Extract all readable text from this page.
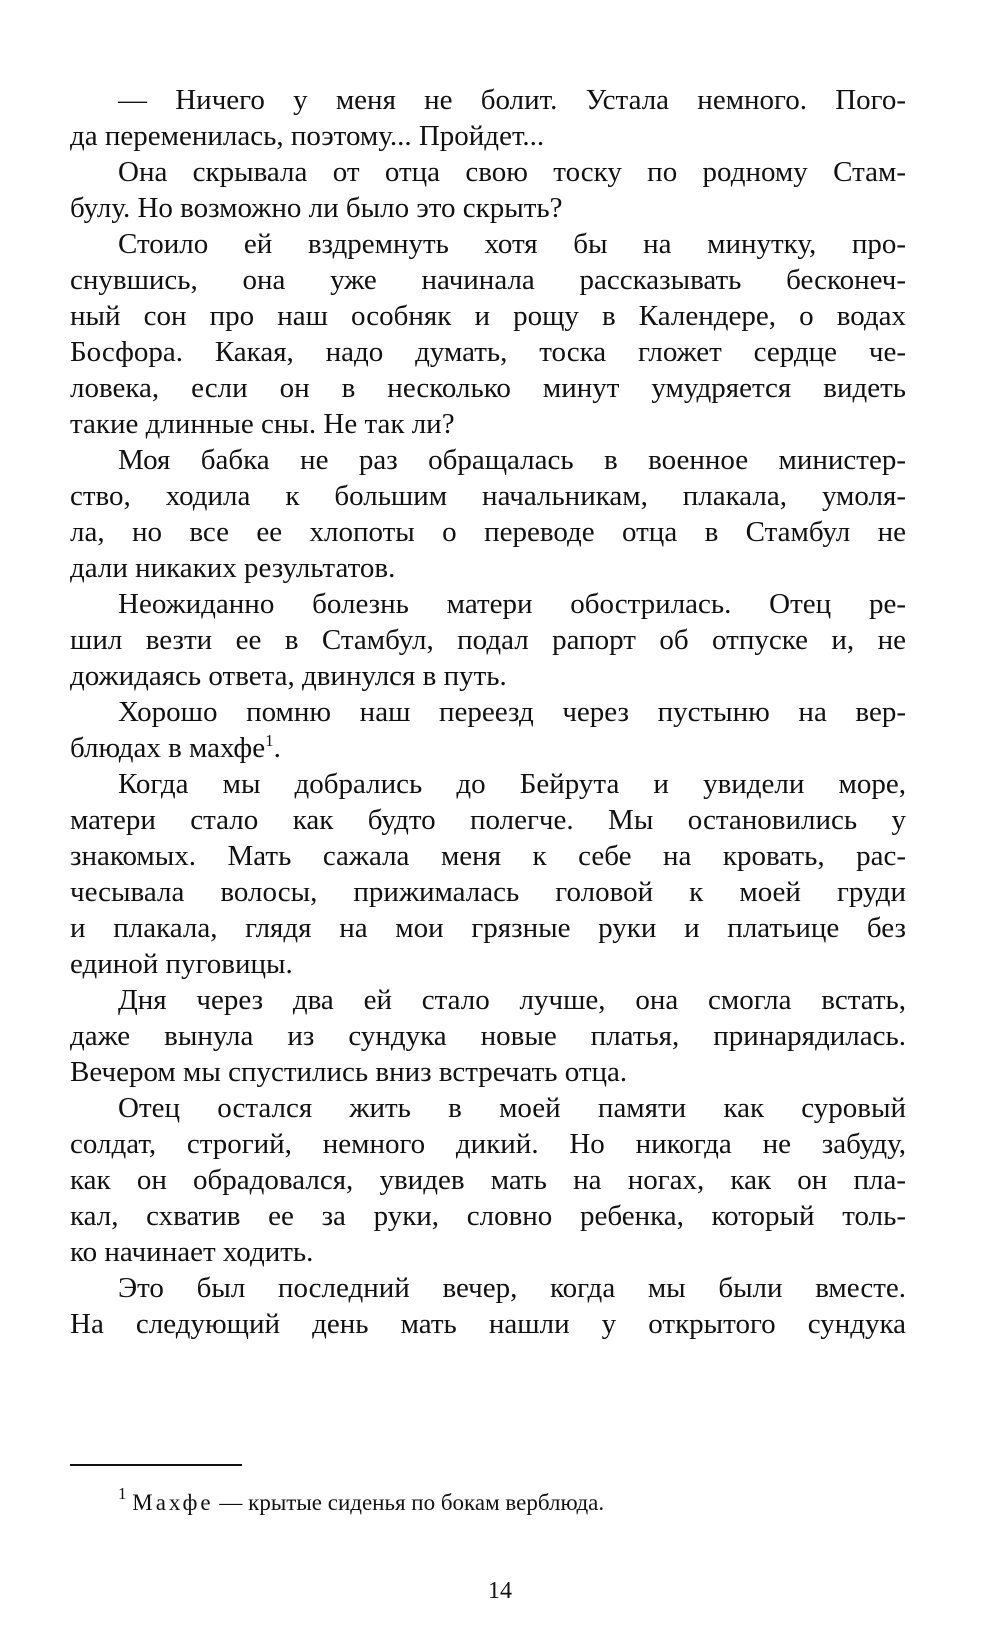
— Ничего у меня не болит. Устала немного. Пого-
да переменилась, поэтому... Пройдет...

Она скрывала от отца свою тоску по родному Стам-
булу. Но возможно ли было это скрыть?

Стоило ей вздремнуть хотя бы на минутку, про-
снувшись, она уже начинала рассказывать бесконеч-
ный сон про наш особняк и рощу в Календере, о водах
Босфора. Какая, надо думать, тоска гложет сердце че-
ловека, если он в несколько минут умудряется видеть
такие длинные сны. Не так ли?

Моя бабка не раз обращалась в военное министер-
ство, ходила к большим начальникам, плакала, умоля-
ла, но все ее хлопоты о переводе отца в Стамбул не
дали никаких результатов.

Неожиданно болезнь матери обострилась. Отец ре-
шил везти ее в Стамбул, подал рапорт об отпуске и, не
дожидаясь ответа, двинулся в путь.

Хорошо помню наш переезд через пустыню на вер-
блюдах в махфе$^1$.

Когда мы добрались до Бейрута и увидели море,
матери стало как будто полегче. Мы остановились у
знакомых. Мать сажала меня к себе на кровать, рас-
чесывала волосы, прижималась головой к моей груди
и плакала, глядя на мои грязные руки и платьице без
единой пуговицы.

Дня через два ей стало лучше, она смогла встать,
даже вынула из сундука новые платья, принарядилась.
Вечером мы спустились вниз встречать отца.

Отец остался жить в моей памяти как суровый
солдат, строгий, немного дикий. Но никогда не забуду,
как он обрадовался, увидев мать на ногах, как он пла-
кал, схватив ее за руки, словно ребенка, который толь-
ко начинает ходить.

Это был последний вечер, когда мы были вместе.
На следующий день мать нашли у открытого сундука

$^1$ Махфе — крытые сиденья по бокам верблюда.
14
